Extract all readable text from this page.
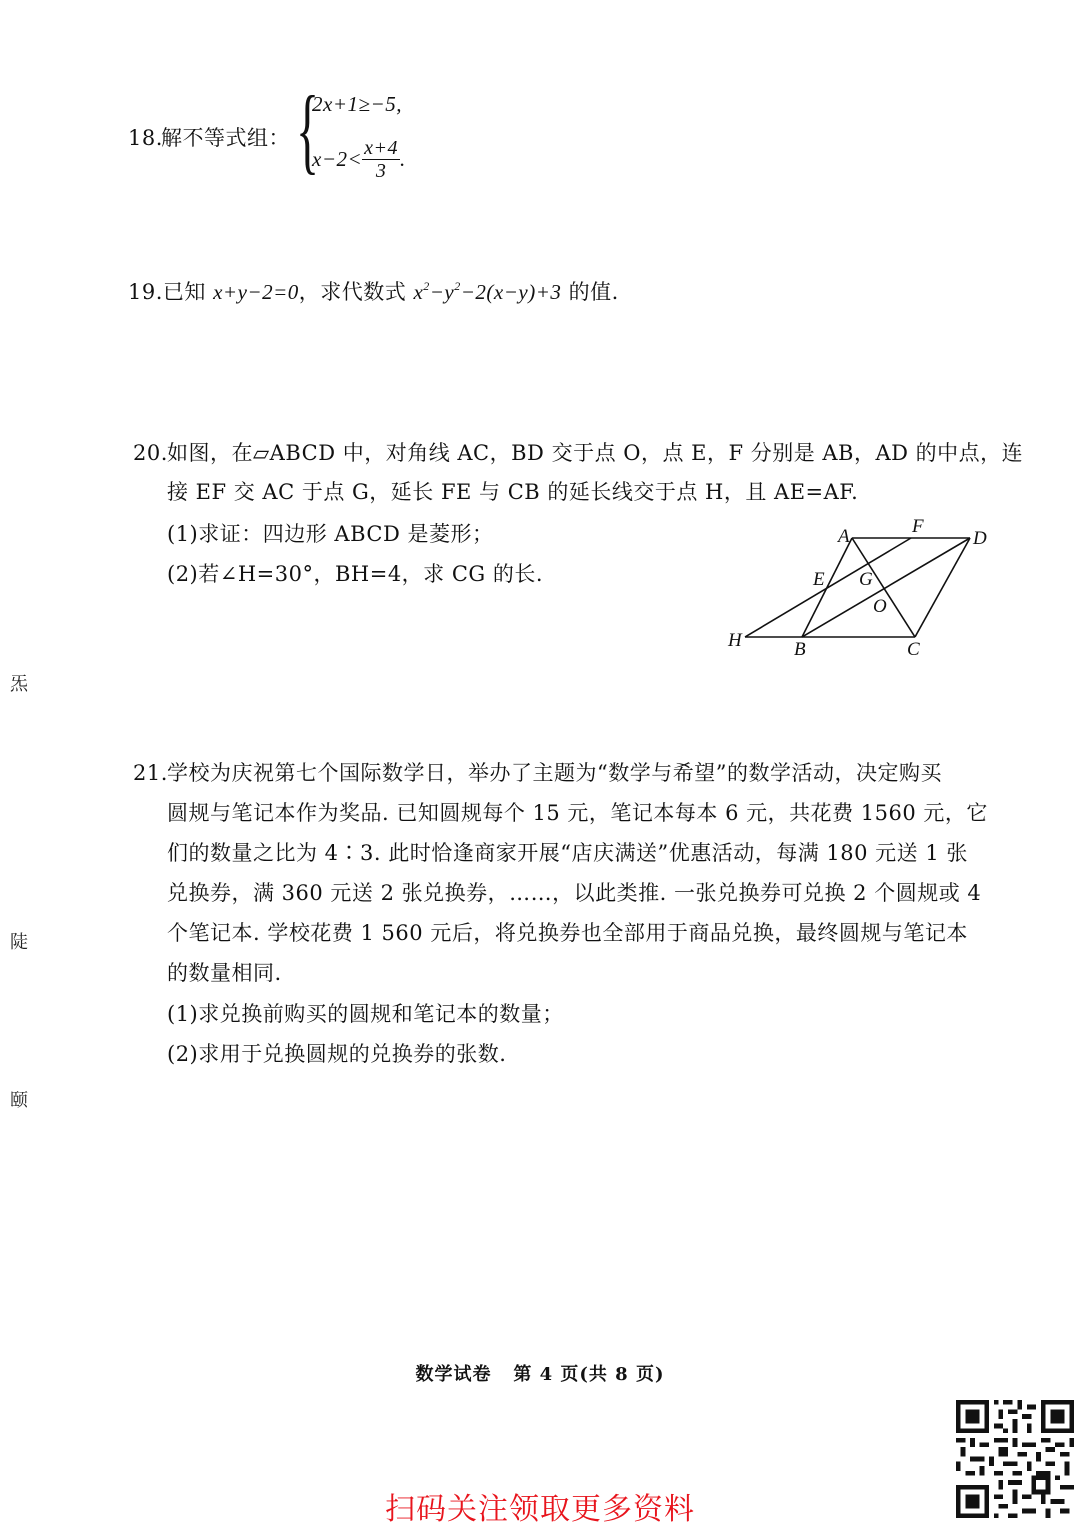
18.
解不等式组： {
2x+1≥−5,
$x-2< \frac{x+4}{3}$ .
19.已知 x+y−2=0，求代数式 $x^2-y^2-2(x-y)+3$ 的值.
20. 如图，在▱ABCD 中，对角线 AC，BD 交于点 O，点 E，F 分别是 AB，AD 的中点，连
接 EF 交 AC 于点 G，延长 FE 与 CB 的延长线交于点 H，且 AE=AF.
(1)求证：四边形 ABCD 是菱形；
(2)若∠H=30°，BH=4，求 CG 的长.
A	F
D
E G
O
H	B	C
炁
陡
颐
21. 学校为庆祝第七个国际数学日，举办了主题为“数学与希望”的数学活动，决定购买
圆规与笔记本作为奖品. 已知圆规每个 15 元，笔记本每本 6 元，共花费 1560 元，它
们的数量之比为 4∶3. 此时恰逢商家开展“店庆满送”优惠活动，每满 180 元送 1 张
兑换券，满 360 元送 2 张兑换券，……，以此类推. 一张兑换券可兑换 2 个圆规或 4
个笔记本. 学校花费 1 560 元后，将兑换券也全部用于商品兑换，最终圆规与笔记本
的数量相同.
(1)求兑换前购买的圆规和笔记本的数量；
(2)求用于兑换圆规的兑换券的张数.
数学试卷   第 4 页(共 8 页)
扫码关注领取更多资料
